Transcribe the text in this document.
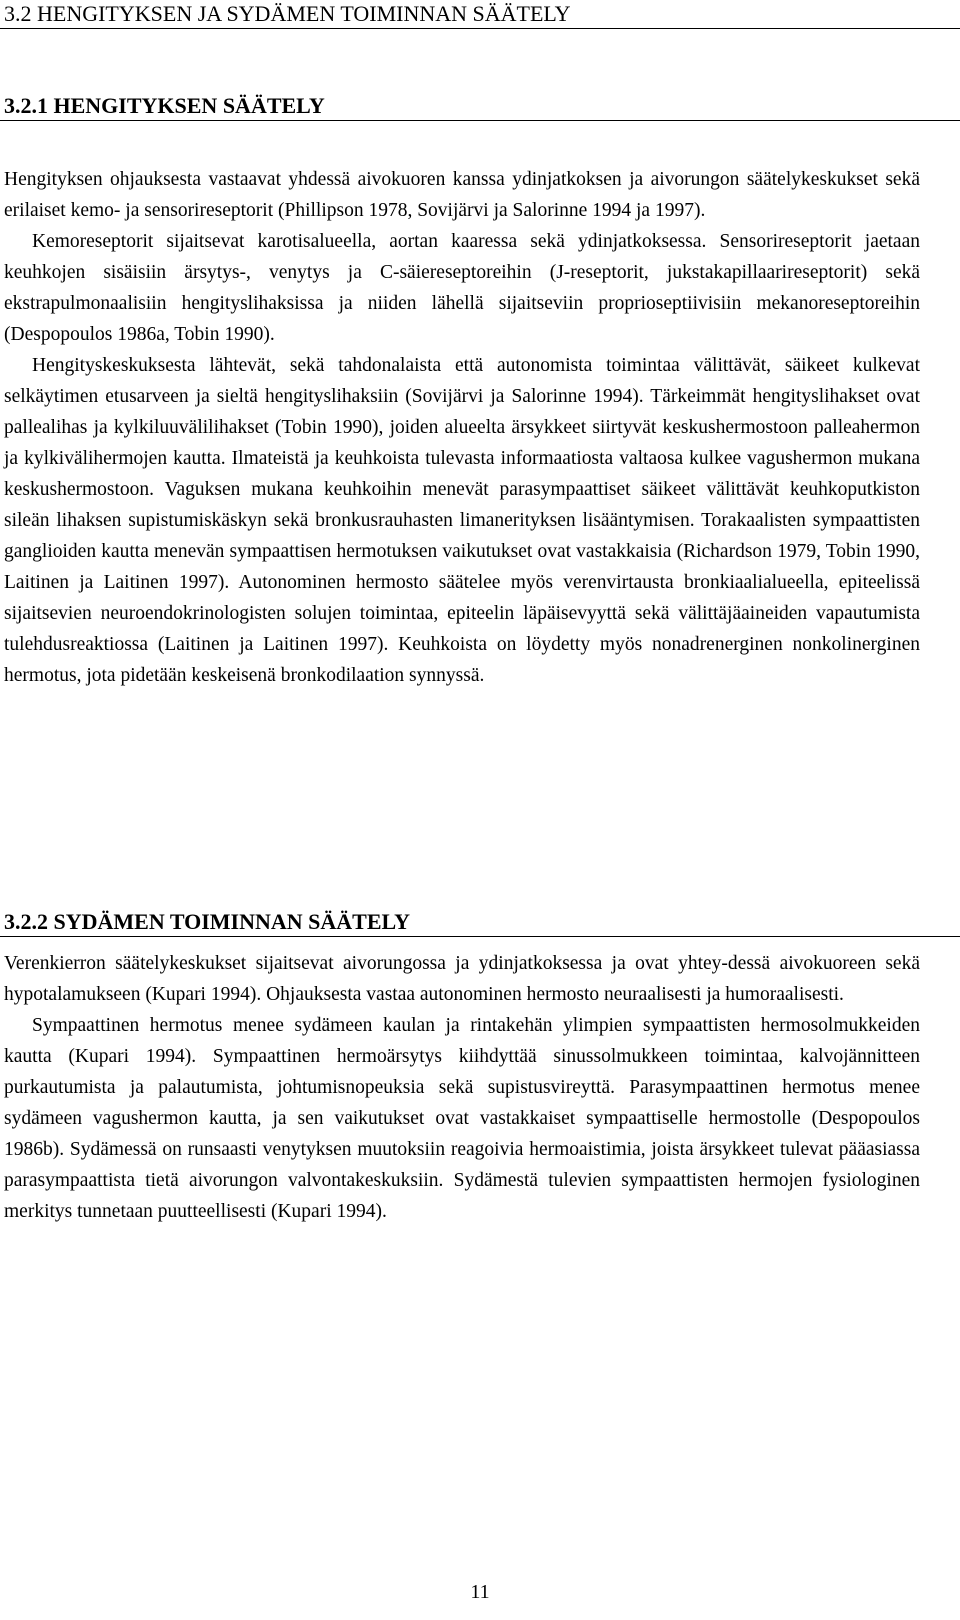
3.2 HENGITYKSEN JA SYDÄMEN TOIMINNAN SÄÄTELY
3.2.1 HENGITYKSEN SÄÄTELY

Hengityksen ohjauksesta vastaavat yhdessä aivokuoren kanssa ydinjatkoksen ja aivorungon säätelykeskukset sekä erilaiset kemo- ja sensorireseptorit (Phillipson 1978, Sovijärvi ja Salorinne 1994 ja 1997).

Kemoreseptorit sijaitsevat karotisalueella, aortan kaaressa sekä ydinjatkoksessa. Sensorireseptorit jaetaan keuhkojen sisäisiin ärsytys-, venytys ja C-säiereseptoreihin (J-reseptorit, jukstakapillaarireseptorit) sekä ekstrapulmonaalisiin hengityslihaksissa ja niiden lähellä sijaitseviin proprioseptiivisiin mekanoreseptoreihin (Despopoulos 1986a, Tobin 1990).

Hengityskeskuksesta lähtevät, sekä tahdonalaista että autonomista toimintaa välittävät, säikeet kulkevat selkäytimen etusarveen ja sieltä hengityslihaksiin (Sovijärvi ja Salorinne 1994). Tärkeimmät hengityslihakset ovat pallealihas ja kylkiluuvälilihakset (Tobin 1990), joiden alueelta ärsykkeet siirtyvät keskushermostoon palleahermon ja kylkivälihermojen kautta. Ilmateistä ja keuhkoista tulevasta informaatiosta valtaosa kulkee vagushermon mukana keskushermostoon. Vaguksen mukana keuhkoihin menevät parasympaattiset säikeet välittävät keuhkoputkiston sileän lihaksen supistumiskäskyn sekä bronkusrauhasten limanerityksen lisääntymisen. Torakaalisten sympaattisten ganglioiden kautta menevän sympaattisen hermotuksen vaikutukset ovat vastakkaisia (Richardson 1979, Tobin 1990, Laitinen ja Laitinen 1997). Autonominen hermosto säätelee myös verenvirtausta bronkiaalialueella, epiteelissä sijaitsevien neuroendokrinologisten solujen toimintaa, epiteelin läpäisevyyttä sekä välittäjäaineiden vapautumista tulehdusreaktiossa (Laitinen ja Laitinen 1997). Keuhkoista on löydetty myös nonadrenerginen nonkolinerginen hermotus, jota pidetään keskeisenä bronkodilaation synnyssä.

3.2.2 SYDÄMEN TOIMINNAN SÄÄTELY

Verenkierron säätelykeskukset sijaitsevat aivorungossa ja ydinjatkoksessa ja ovat yhtey-dessä aivokuoreen sekä hypotalamukseen (Kupari 1994). Ohjauksesta vastaa autonominen hermosto neuraalisesti ja humoraalisesti.

Sympaattinen hermotus menee sydämeen kaulan ja rintakehän ylimpien sympaattisten hermosolmukkeiden kautta (Kupari 1994). Sympaattinen hermoärsytys kiihdyttää sinussolmukkeen toimintaa, kalvojännitteen purkautumista ja palautumista, johtumisnopeuksia sekä supistusvireyttä. Parasympaattinen hermotus menee sydämeen vagushermon kautta, ja sen vaikutukset ovat vastakkaiset sympaattiselle hermostolle (Despopoulos 1986b). Sydämessä on runsaasti venytyksen muutoksiin reagoivia hermoaistimia, joista ärsykkeet tulevat pääasiassa parasympaattista tietä aivorungon valvontakeskuksiin. Sydämestä tulevien sympaattisten hermojen fysiologinen merkitys tunnetaan puutteellisesti (Kupari 1994).

11
